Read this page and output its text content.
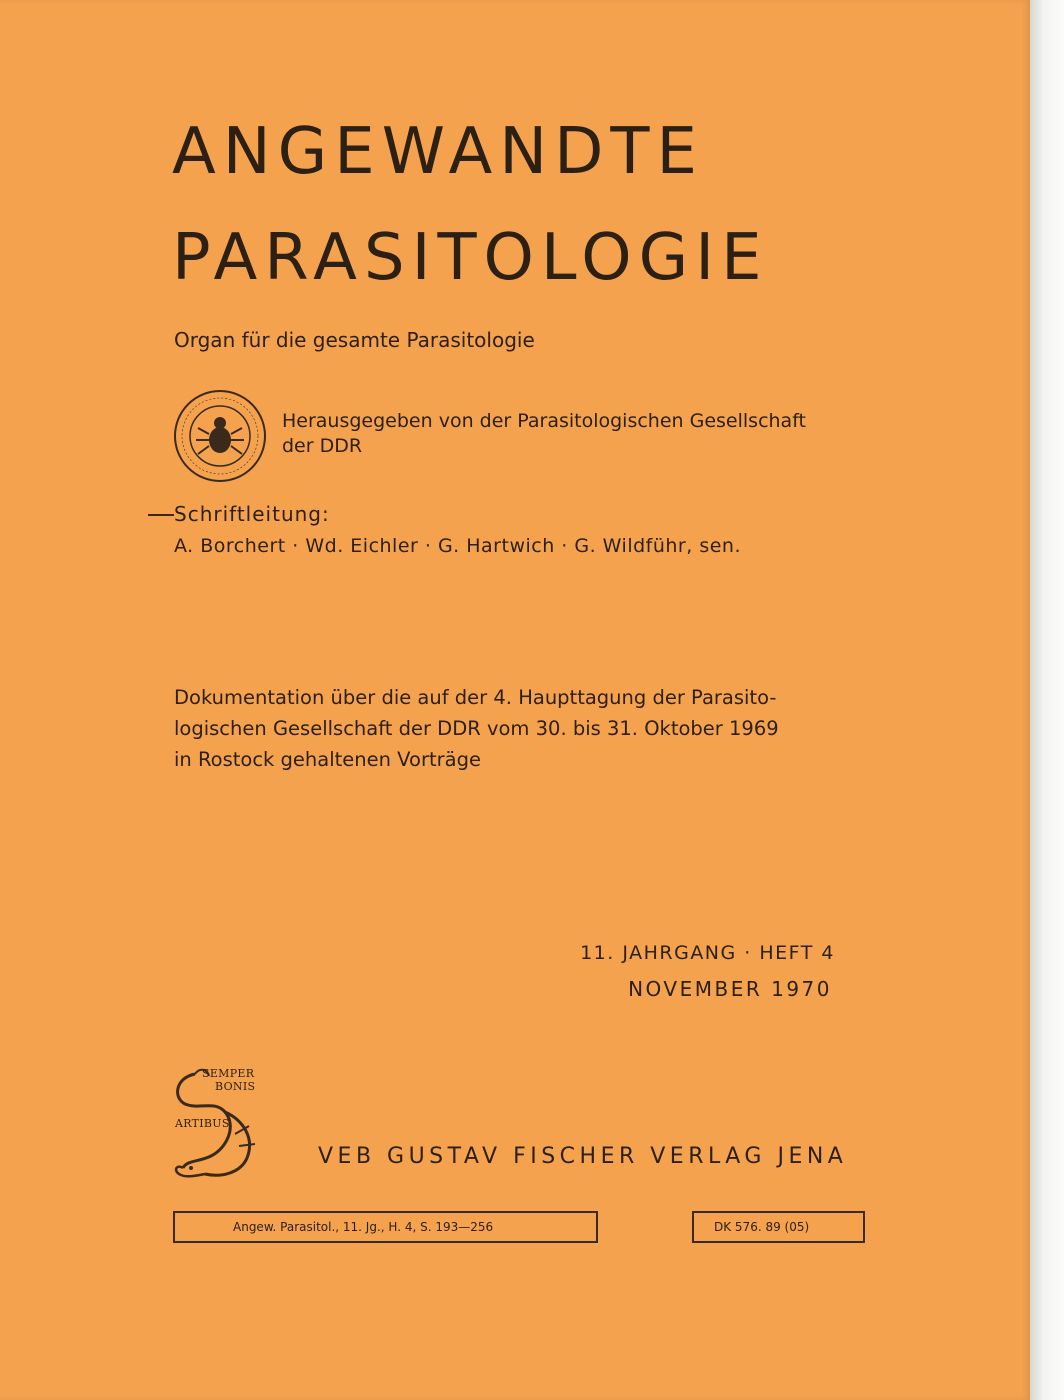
ANGEWANDTE
PARASITOLOGIE
Organ für die gesamte Parasitologie
Herausgegeben von der Parasitologischen Gesellschaft
der DDR
Schriftleitung:
A. Borchert · Wd. Eichler · G. Hartwich · G. Wildführ, sen.
Dokumentation über die auf der 4. Haupttagung der Parasito-
logischen Gesellschaft der DDR vom 30. bis 31. Oktober 1969
in Rostock gehaltenen Vorträge
11. JAHRGANG · HEFT 4
NOVEMBER 1970
SEMPER
BONIS
ARTIBUS
VEB GUSTAV FISCHER VERLAG JENA
Angew. Parasitol., 11. Jg., H. 4, S. 193—256	DK 576. 89 (05)
